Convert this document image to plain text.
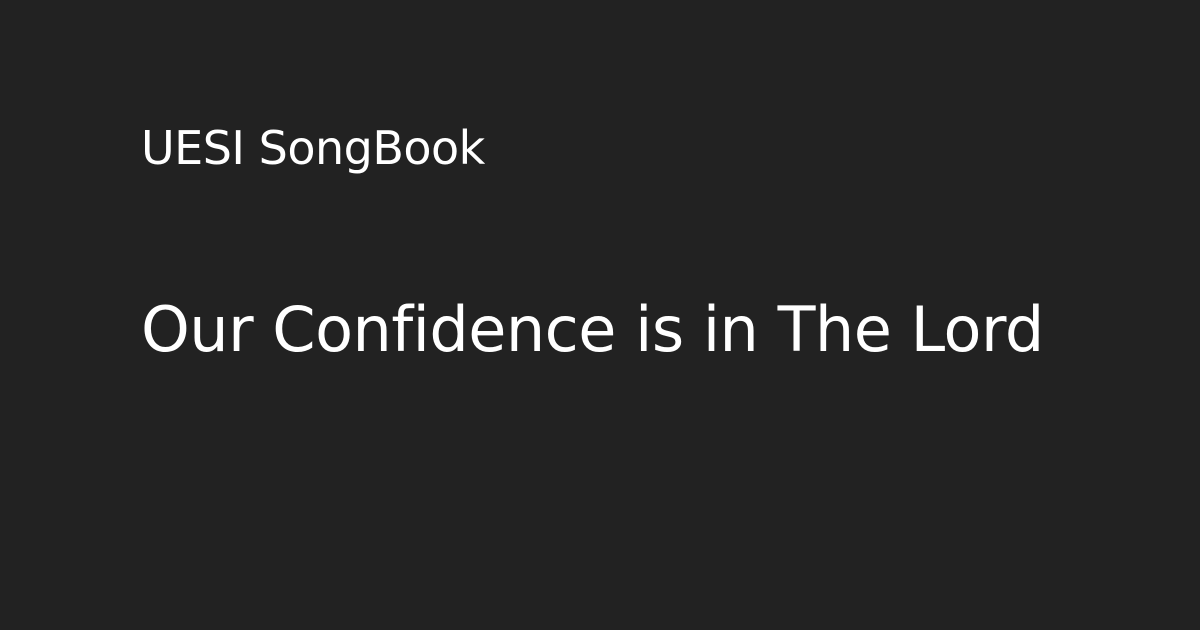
UESI SongBook
Our Confidence is in The Lord
